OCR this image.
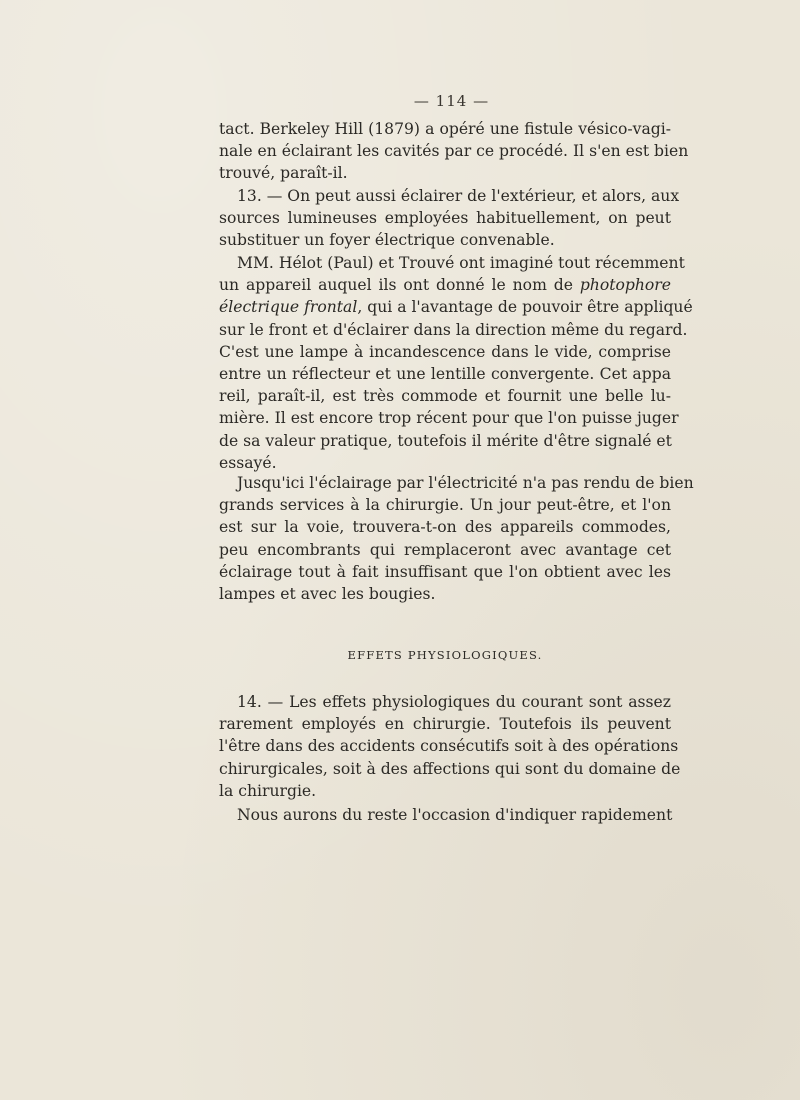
— 114 —
tact. Berkeley Hill (1879) a opéré une fistule vésico-vagi-
nale en éclairant les cavités par ce procédé. Il s'en est bien
trouvé, paraît-il.
13. — On peut aussi éclairer de l'extérieur, et alors, aux
sources lumineuses employées habituellement, on peut
substituer un foyer électrique convenable.
MM. Hélot (Paul) et Trouvé ont imaginé tout récemment
un appareil auquel ils ont donné le nom de photophore
électrique frontal, qui a l'avantage de pouvoir être appliqué
sur le front et d'éclairer dans la direction même du regard.
C'est une lampe à incandescence dans le vide, comprise
entre un réflecteur et une lentille convergente. Cet appa
reil, paraît-il, est très commode et fournit une belle lu-
mière. Il est encore trop récent pour que l'on puisse juger
de sa valeur pratique, toutefois il mérite d'être signalé et
essayé.
Jusqu'ici l'éclairage par l'électricité n'a pas rendu de bien
grands services à la chirurgie. Un jour peut-être, et l'on
est sur la voie, trouvera-t-on des appareils commodes,
peu encombrants qui remplaceront avec avantage cet
éclairage tout à fait insuffisant que l'on obtient avec les
lampes et avec les bougies.
EFFETS PHYSIOLOGIQUES.
14. — Les effets physiologiques du courant sont assez
rarement employés en chirurgie. Toutefois ils peuvent
l'être dans des accidents consécutifs soit à des opérations
chirurgicales, soit à des affections qui sont du domaine de
la chirurgie.
Nous aurons du reste l'occasion d'indiquer rapidement
